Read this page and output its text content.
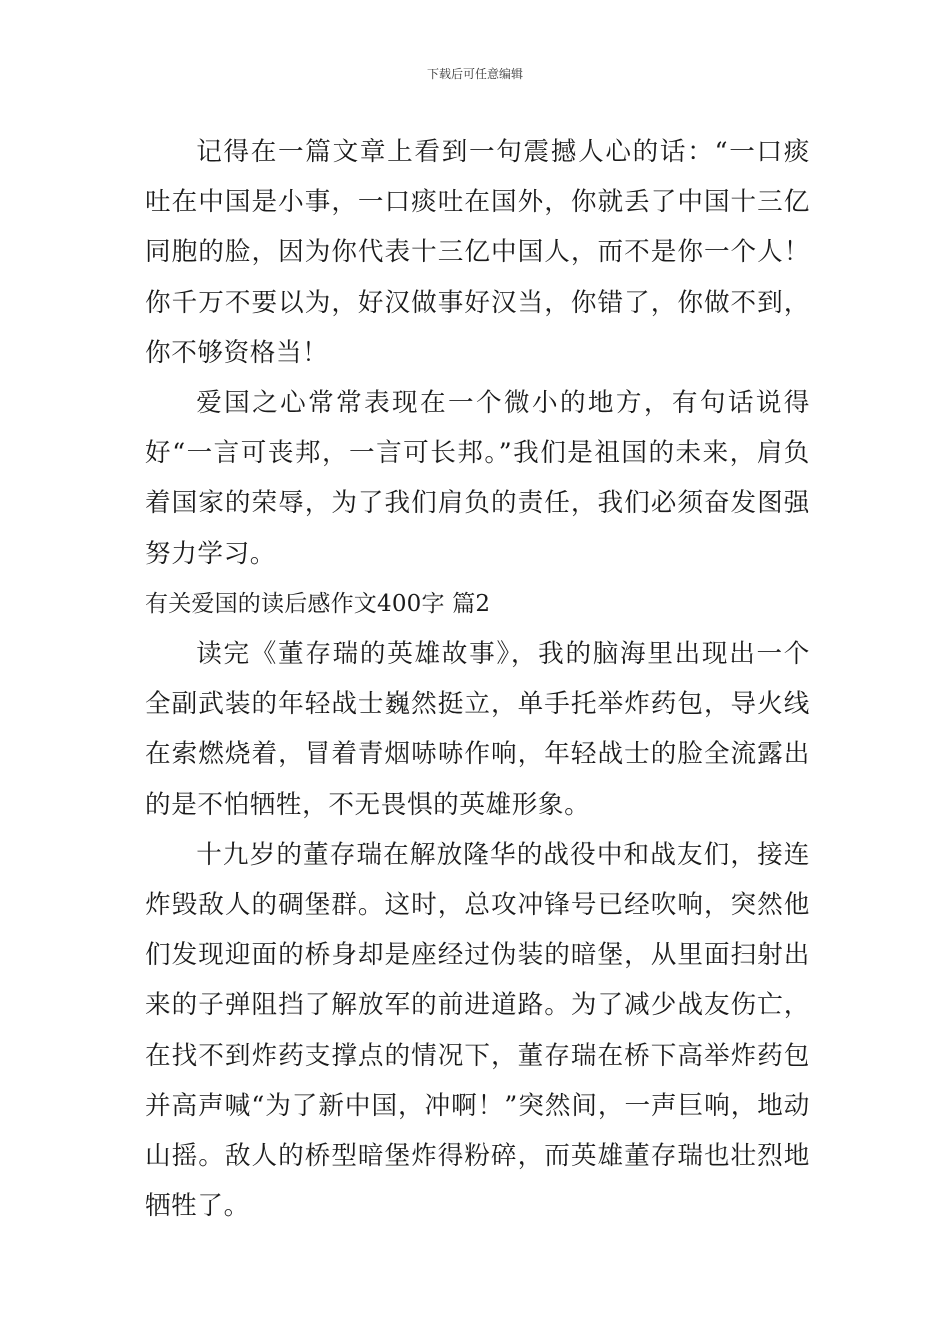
下载后可任意编辑

记得在一篇文章上看到一句震撼人心的话：“一口痰吐在中国是小事，一口痰吐在国外，你就丢了中国十三亿同胞的脸，因为你代表十三亿中国人，而不是你一个人！你千万不要以为，好汉做事好汉当，你错了，你做不到，你不够资格当！

爱国之心常常表现在一个微小的地方，有句话说得好“一言可丧邦，一言可长邦。”我们是祖国的未来，肩负着国家的荣辱，为了我们肩负的责任，我们必须奋发图强努力学习。

有关爱国的读后感作文400字 篇2

读完《董存瑞的英雄故事》，我的脑海里出现出一个全副武装的年轻战士巍然挺立，单手托举炸药包，导火线在索燃烧着，冒着青烟哧哧作响，年轻战士的脸全流露出的是不怕牺牲，不无畏惧的英雄形象。

十九岁的董存瑞在解放隆华的战役中和战友们，接连炸毁敌人的碉堡群。这时，总攻冲锋号已经吹响，突然他们发现迎面的桥身却是座经过伪装的暗堡，从里面扫射出来的子弹阻挡了解放军的前进道路。为了减少战友伤亡，在找不到炸药支撑点的情况下，董存瑞在桥下高举炸药包并高声喊“为了新中国，冲啊！”突然间，一声巨响，地动山摇。敌人的桥型暗堡炸得粉碎，而英雄董存瑞也壮烈地牺牲了。
